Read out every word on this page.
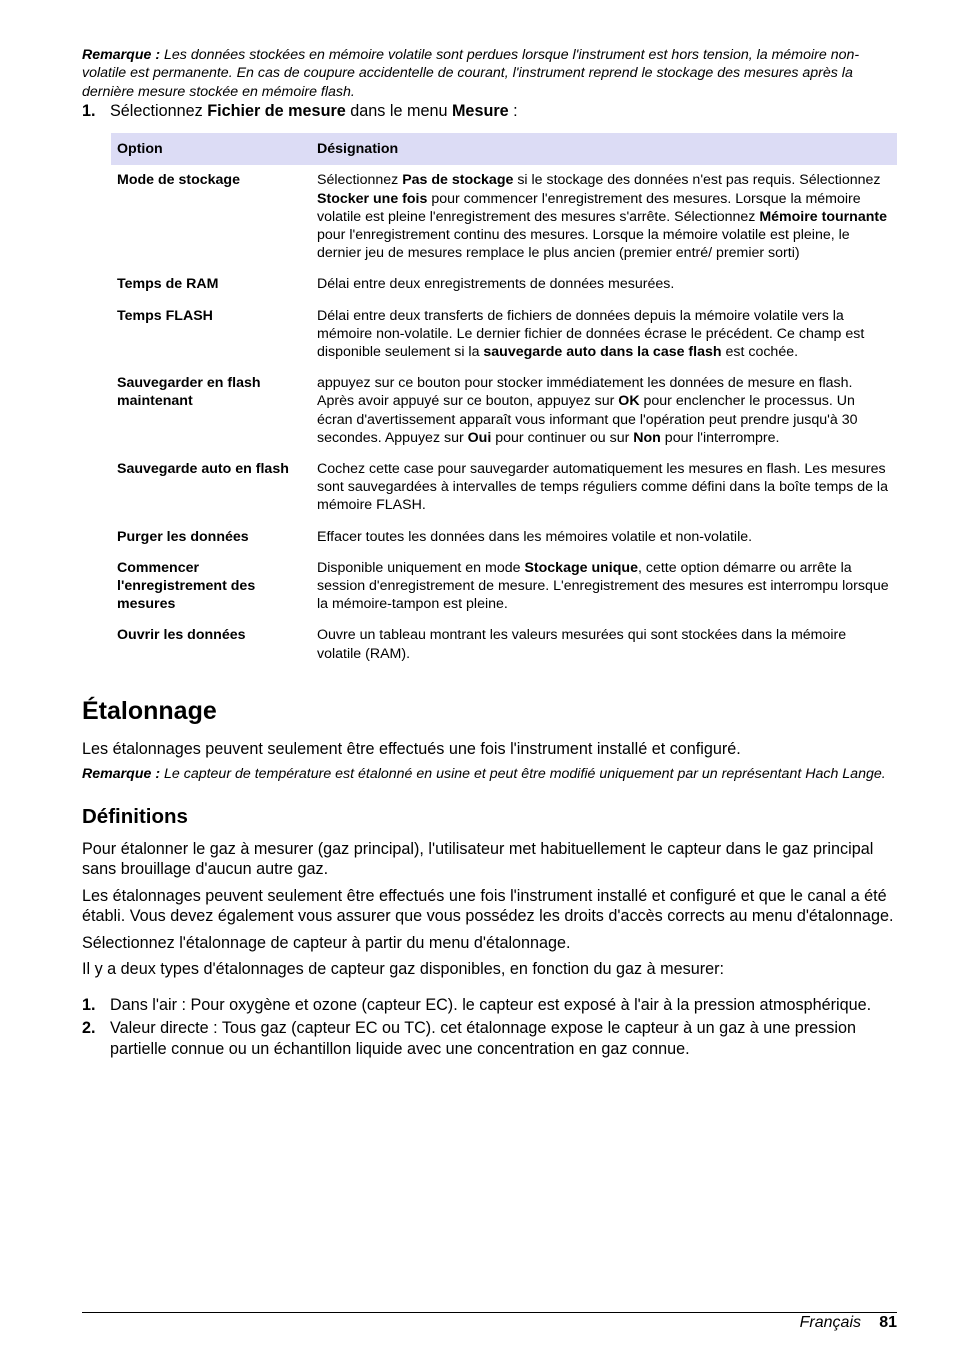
Remarque : Les données stockées en mémoire volatile sont perdues lorsque l'instrument est hors tension, la mémoire non-volatile est permanente. En cas de coupure accidentelle de courant, l'instrument reprend le stockage des mesures après la dernière mesure stockée en mémoire flash.

1. Sélectionnez Fichier de mesure dans le menu Mesure :
Option	Désignation
Mode de stockage	Sélectionnez Pas de stockage si le stockage des données n'est pas requis. Sélectionnez Stocker une fois pour commencer l'enregistrement des mesures. Lorsque la mémoire volatile est pleine l'enregistrement des mesures s'arrête. Sélectionnez Mémoire tournante pour l'enregistrement continu des mesures. Lorsque la mémoire volatile est pleine, le dernier jeu de mesures remplace le plus ancien (premier entré/ premier sorti)
Temps de RAM	Délai entre deux enregistrements de données mesurées.
Temps FLASH	Délai entre deux transferts de fichiers de données depuis la mémoire volatile vers la mémoire non-volatile. Le dernier fichier de données écrase le précédent. Ce champ est disponible seulement si la sauvegarde auto dans la case flash est cochée.
Sauvegarder en flash maintenant	appuyez sur ce bouton pour stocker immédiatement les données de mesure en flash. Après avoir appuyé sur ce bouton, appuyez sur OK pour enclencher le processus. Un écran d'avertissement apparaît vous informant que l'opération peut prendre jusqu'à 30 secondes. Appuyez sur Oui pour continuer ou sur Non pour l'interrompre.
Sauvegarde auto en flash	Cochez cette case pour sauvegarder automatiquement les mesures en flash. Les mesures sont sauvegardées à intervalles de temps réguliers comme défini dans la boîte temps de la mémoire FLASH.
Purger les données	Effacer toutes les données dans les mémoires volatile et non-volatile.
Commencer l'enregistrement des mesures	Disponible uniquement en mode Stockage unique, cette option démarre ou arrête la session d'enregistrement de mesure. L'enregistrement des mesures est interrompu lorsque la mémoire-tampon est pleine.
Ouvrir les données	Ouvre un tableau montrant les valeurs mesurées qui sont stockées dans la mémoire volatile (RAM).
Étalonnage

Les étalonnages peuvent seulement être effectués une fois l'instrument installé et configuré.

Remarque : Le capteur de température est étalonné en usine et peut être modifié uniquement par un représentant Hach Lange.

Définitions

Pour étalonner le gaz à mesurer (gaz principal), l'utilisateur met habituellement le capteur dans le gaz principal sans brouillage d'aucun autre gaz.

Les étalonnages peuvent seulement être effectués une fois l'instrument installé et configuré et que le canal a été établi. Vous devez également vous assurer que vous possédez les droits d'accès corrects au menu d'étalonnage.

Sélectionnez l'étalonnage de capteur à partir du menu d'étalonnage.

Il y a deux types d'étalonnages de capteur gaz disponibles, en fonction du gaz à mesurer:

1. Dans l'air : Pour oxygène et ozone (capteur EC). le capteur est exposé à l'air à la pression atmosphérique.
2. Valeur directe : Tous gaz (capteur EC ou TC). cet étalonnage expose le capteur à un gaz à une pression partielle connue ou un échantillon liquide avec une concentration en gaz connue.
Français 81
